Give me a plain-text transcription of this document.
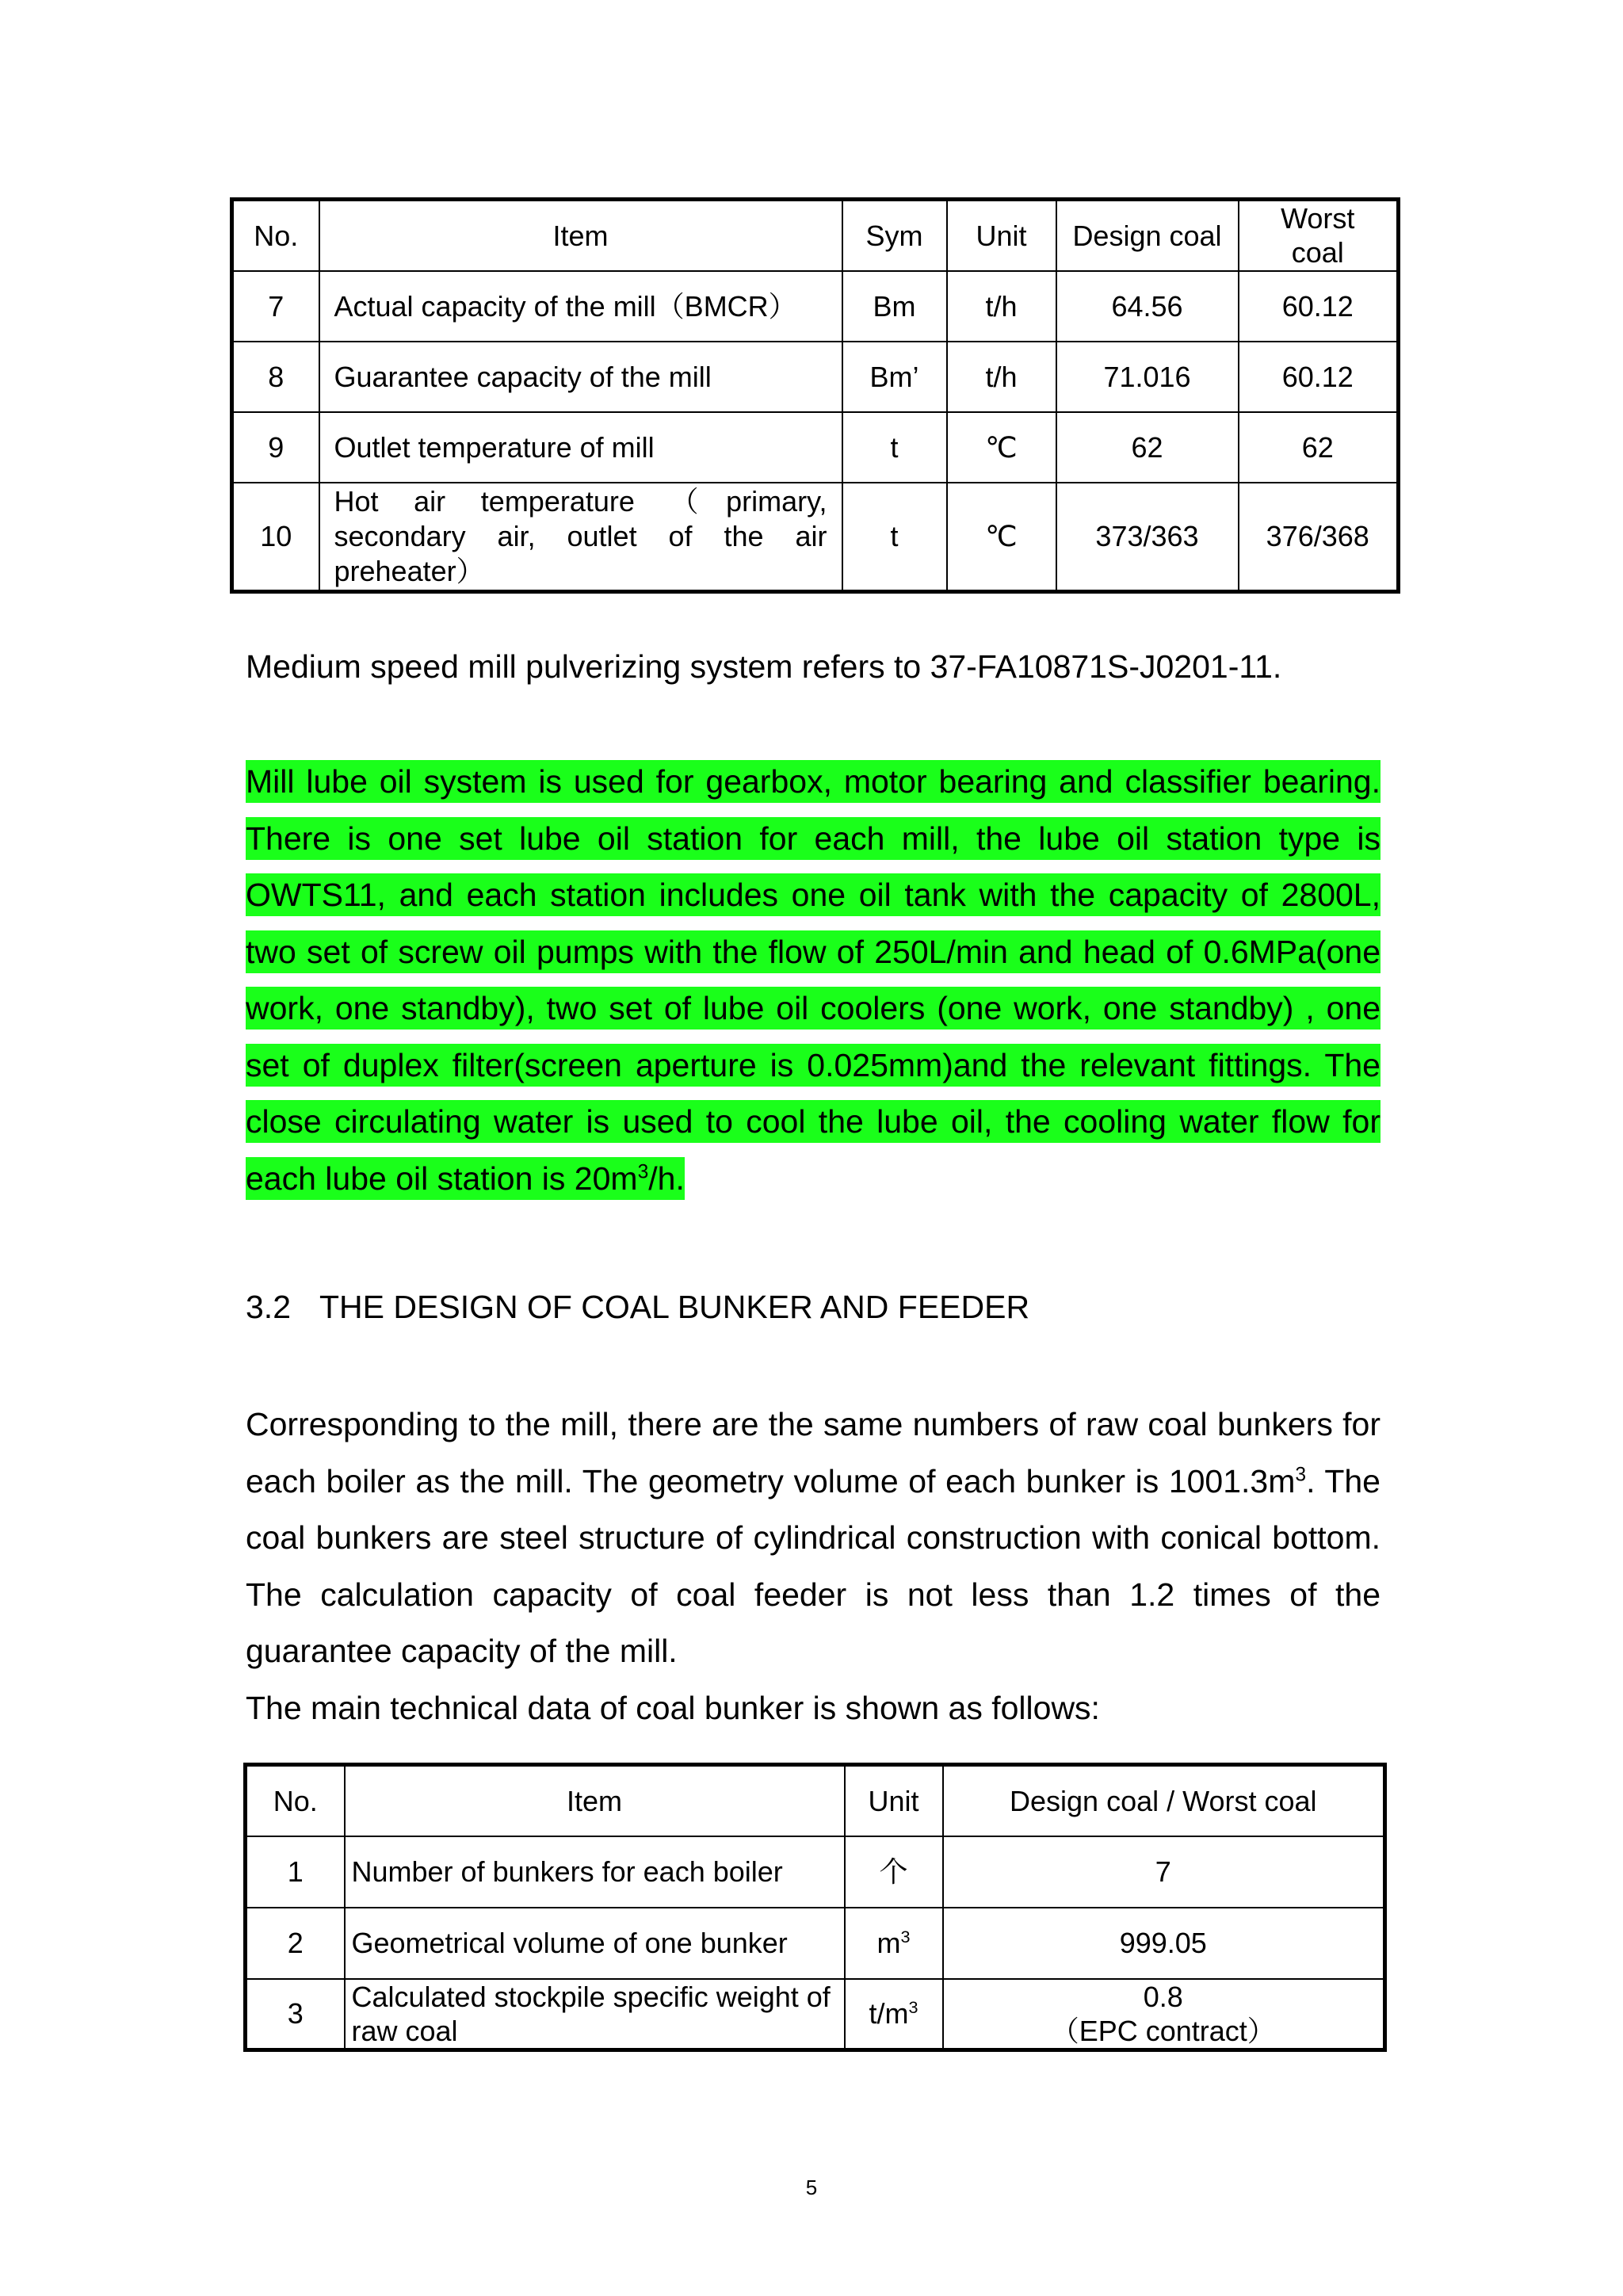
No.	Item	Sym	Unit	Design coal	Worst coal
7	Actual capacity of the mill（BMCR）	Bm	t/h	64.56	60.12
8	Guarantee capacity of the mill	Bm’	t/h	71.016	60.12
9	Outlet temperature of mill	t	℃	62	62
10	Hot air temperature （primary, secondary air, outlet of the air preheater）	t	℃	373/363	376/368

Medium speed mill pulverizing system refers to 37-FA10871S-J0201-11.

Mill lube oil system is used for gearbox, motor bearing and classifier bearing. There is one set lube oil station for each mill, the lube oil station type is OWTS11, and each station includes one oil tank with the capacity of 2800L, two set of screw oil pumps with the flow of 250L/min and head of 0.6MPa(one work, one standby), two set of lube oil coolers (one work, one standby) , one set of duplex filter(screen aperture is 0.025mm)and the relevant fittings. The close circulating water is used to cool the lube oil, the cooling water flow for each lube oil station is $20m^3/h$.

3.2 THE DESIGN OF COAL BUNKER AND FEEDER

Corresponding to the mill, there are the same numbers of raw coal bunkers for each boiler as the mill. The geometry volume of each bunker is $1001.3m^3$. The coal bunkers are steel structure of cylindrical construction with conical bottom. The calculation capacity of coal feeder is not less than 1.2 times of the guarantee capacity of the mill.
The main technical data of coal bunker is shown as follows:

No.	Item	Unit	Design coal / Worst coal
1	Number of bunkers for each boiler	个	7
2	Geometrical volume of one bunker	$m^3$	999.05
3	Calculated stockpile specific weight of raw coal	$t/m^3$	0.8
（EPC contract）
5
